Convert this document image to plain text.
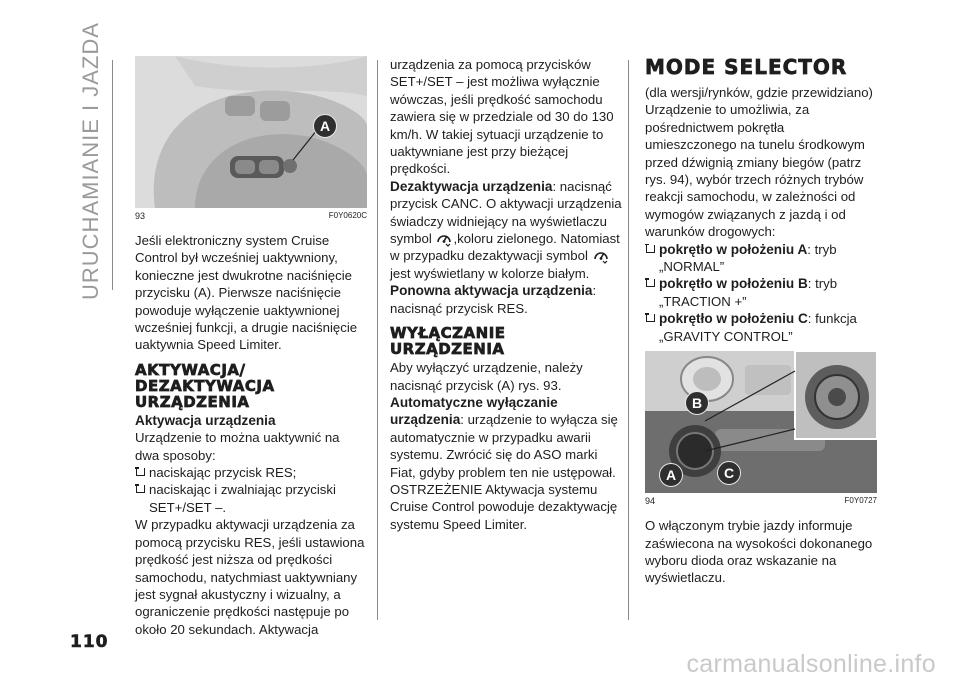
URUCHAMIANIE I JAZDA	A
93	F0Y0620C

Jeśli elektroniczny system Cruise Control był wcześniej uaktywniony, konieczne jest dwukrotne naciśnięcie przycisku (A). Pierwsze naciśnięcie powoduje wyłączenie uaktywnionej wcześniej funkcji, a drugie naciśnięcie uaktywnia Speed Limiter.

AKTYWACJA/ DEZAKTYWACJA URZĄDZENIA
Aktywacja urządzenia

Urządzenie to można uaktywnić na dwa sposoby:

naciskając przycisk RES;
naciskając i zwalniając przyciski SET+/SET –.

W przypadku aktywacji urządzenia za pomocą przycisku RES, jeśli ustawiona prędkość jest niższa od prędkości samochodu, natychmiast uaktywniany jest sygnał akustyczny i wizualny, a ograniczenie prędkości następuje po około 20 sekundach. Aktywacja

urządzenia za pomocą przycisków SET+/SET – jest możliwa wyłącznie wówczas, jeśli prędkość samochodu zawiera się w przedziale od 30 do 130 km/h. W takiej sytuacji urządzenie to uaktywniane jest przy bieżącej prędkości.

Dezaktywacja urządzenia: nacisnąć przycisk CANC. O aktywacji urządzenia świadczy widniejący na wyświetlaczu symbol ,koloru zielonego. Natomiast w przypadku dezaktywacji symbol  jest wyświetlany w kolorze białym.

Ponowna aktywacja urządzenia: nacisnąć przycisk RES.

WYŁĄCZANIE URZĄDZENIA

Aby wyłączyć urządzenie, należy nacisnąć przycisk (A) rys. 93.

Automatyczne wyłączanie urządzenia: urządzenie to wyłącza się automatycznie w przypadku awarii systemu. Zwrócić się do ASO marki Fiat, gdyby problem ten nie ustępował.

OSTRZEŻENIE Aktywacja systemu Cruise Control powoduje dezaktywację systemu Speed Limiter.

MODE SELECTOR

(dla wersji/rynków, gdzie przewidziano) Urządzenie to umożliwia, za pośrednictwem pokrętła umieszczonego na tunelu środkowym przed dźwignią zmiany biegów (patrz rys. 94), wybór trzech różnych trybów reakcji samochodu, w zależności od wymogów związanych z jazdą i od warunków drogowych:

pokrętło w położeniu A: tryb „NORMAL”
pokrętło w położeniu B: tryb „TRACTION +”
pokrętło w położeniu C: funkcja „GRAVITY CONTROL”
B
A	C
94	F0Y0727

O włączonym trybie jazdy informuje zaświecona na wysokości dokonanego wyboru dioda oraz wskazanie na wyświetlaczu.

110
carmanualsonline.info
